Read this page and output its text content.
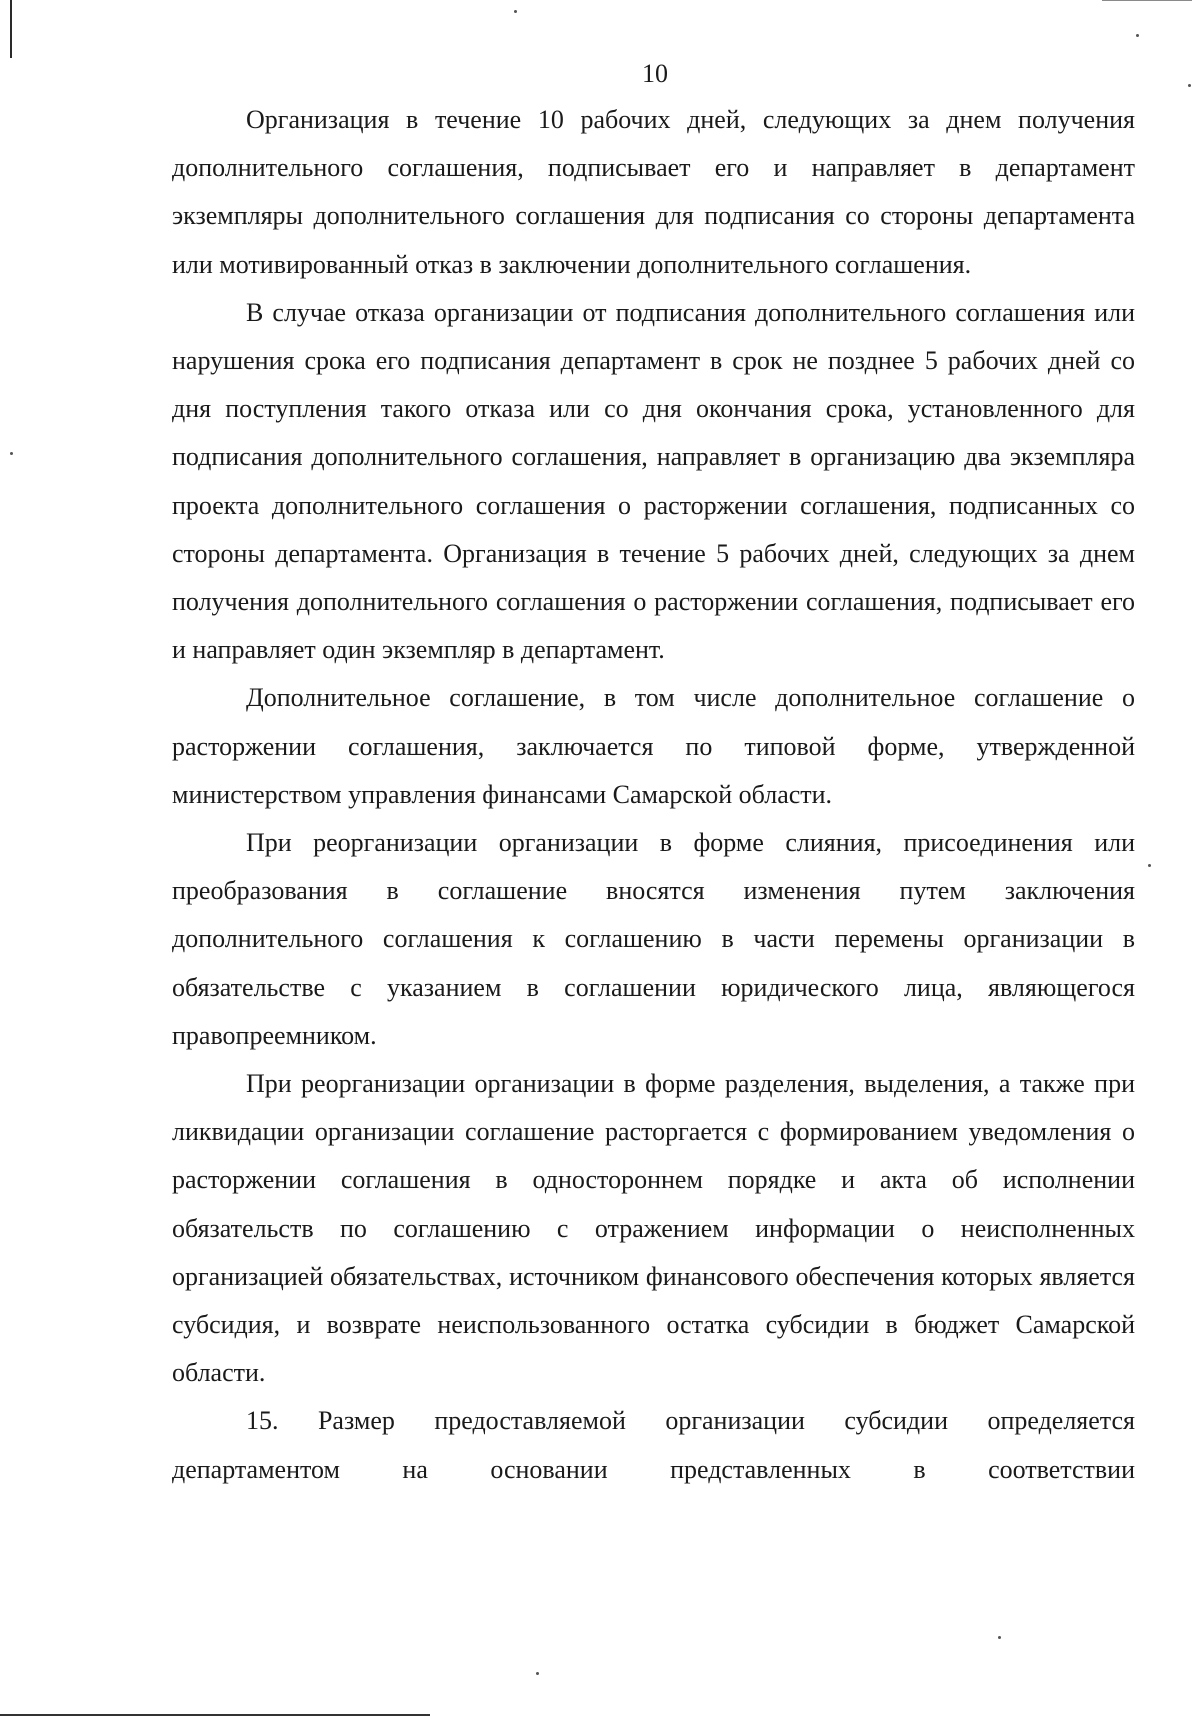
10

Организация в течение 10 рабочих дней, следующих за днем получения дополнительного соглашения, подписывает его и направляет в департамент экземпляры дополнительного соглашения для подписания со стороны департамента или мотивированный отказ в заключении дополнительного соглашения.

В случае отказа организации от подписания дополнительного соглашения или нарушения срока его подписания департамент в срок не позднее 5 рабочих дней со дня поступления такого отказа или со дня окончания срока, установленного для подписания дополнительного соглашения, направляет в организацию два экземпляра проекта дополнительного соглашения о расторжении соглашения, подписанных со стороны департамента. Организация в течение 5 рабочих дней, следующих за днем получения дополнительного соглашения о расторжении соглашения, подписывает его и направляет один экземпляр в департамент.

Дополнительное соглашение, в том числе дополнительное соглашение о расторжении соглашения, заключается по типовой форме, утвержденной министерством управления финансами Самарской области.

При реорганизации организации в форме слияния, присоединения или преобразования в соглашение вносятся изменения путем заключения дополнительного соглашения к соглашению в части перемены организации в обязательстве с указанием в соглашении юридического лица, являющегося правопреемником.

При реорганизации организации в форме разделения, выделения, а также при ликвидации организации соглашение расторгается с формированием уведомления о расторжении соглашения в одностороннем порядке и акта об исполнении обязательств по соглашению с отражением информации о неисполненных организацией обязательствах, источником финансового обеспечения которых является субсидия, и возврате неиспользованного остатка субсидии в бюджет Самарской области.

15. Размер предоставляемой организации субсидии определяется департаментом на основании представленных в соответствии
